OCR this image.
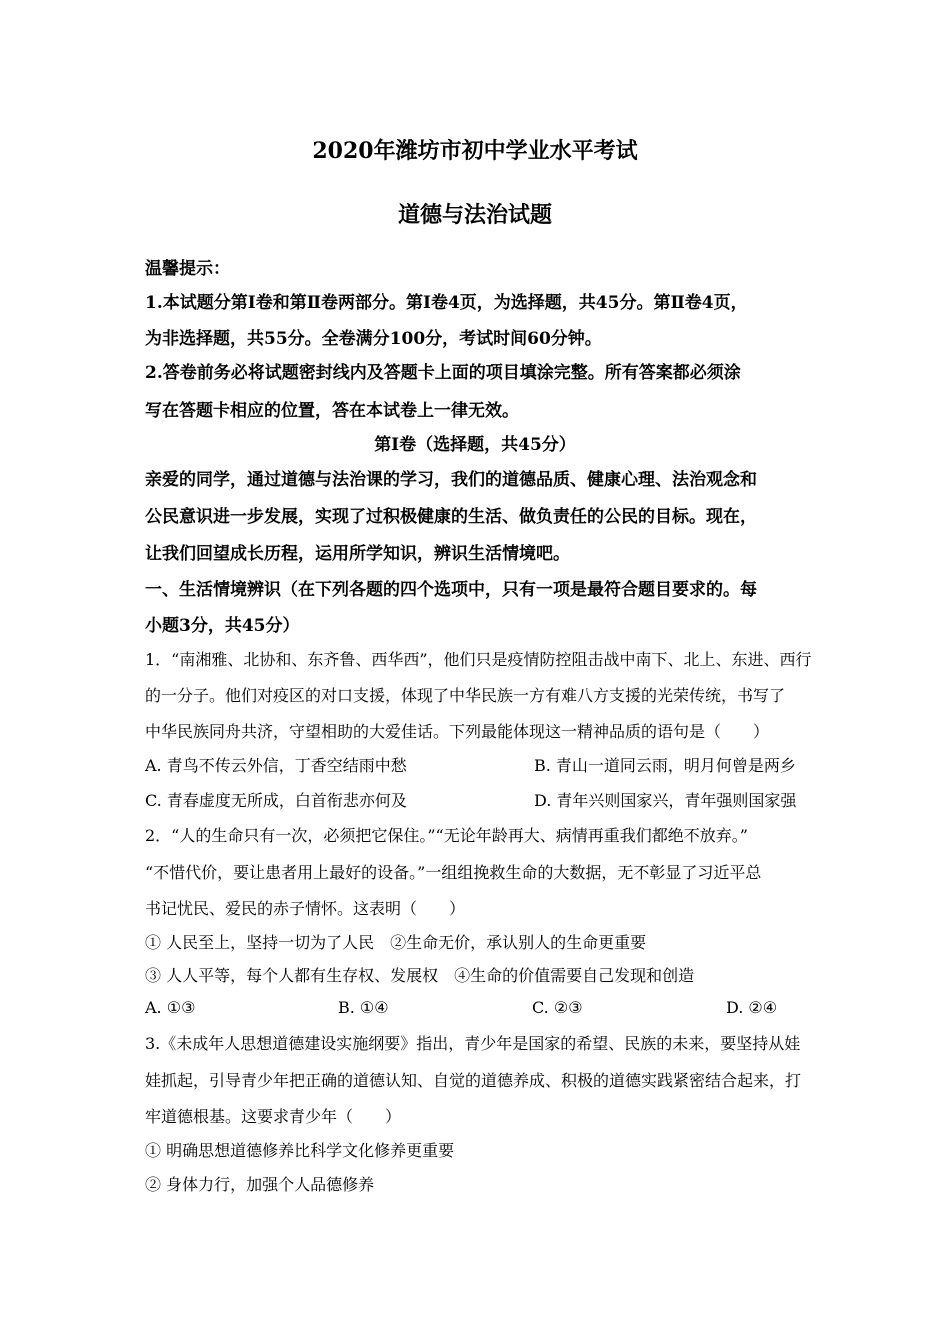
2020年潍坊市初中学业水平考试
道德与法治试题
温馨提示：
1.本试题分第Ⅰ卷和第Ⅱ卷两部分。第Ⅰ卷4页，为选择题，共45分。第Ⅱ卷4页，
为非选择题，共55分。全卷满分100分，考试时间60分钟。
2.答卷前务必将试题密封线内及答题卡上面的项目填涂完整。所有答案都必须涂
写在答题卡相应的位置，答在本试卷上一律无效。
第Ⅰ卷（选择题，共45分）
亲爱的同学，通过道德与法治课的学习，我们的道德品质、健康心理、法治观念和
公民意识进一步发展，实现了过积极健康的生活、做负责任的公民的目标。现在，
让我们回望成长历程，运用所学知识，辨识生活情境吧。
一、生活情境辨识（在下列各题的四个选项中，只有一项是最符合题目要求的。每
小题3分，共45分）
1．“南湘雅、北协和、东齐鲁、西华西”，他们只是疫情防控阻击战中南下、北上、东进、西行
的一分子。他们对疫区的对口支援，体现了中华民族一方有难八方支援的光荣传统，书写了
中华民族同舟共济，守望相助的大爱佳话。下列最能体现这一精神品质的语句是（　　）
A. 青鸟不传云外信，丁香空结雨中愁	B. 青山一道同云雨，明月何曾是两乡
C. 青春虚度无所成，白首衔悲亦何及	D. 青年兴则国家兴，青年强则国家强
2．“人的生命只有一次，必须把它保住。”“无论年龄再大、病情再重我们都绝不放弃。”
“不惜代价，要让患者用上最好的设备。”一组组挽救生命的大数据，无不彰显了习近平总
书记忧民、爱民的赤子情怀。这表明（　　）
① 人民至上，坚持一切为了人民　②生命无价，承认别人的生命更重要
③ 人人平等，每个人都有生存权、发展权　④生命的价值需要自己发现和创造
A. ①③	B. ①④	C. ②③	D. ②④
3.《未成年人思想道德建设实施纲要》指出，青少年是国家的希望、民族的未来，要坚持从娃
娃抓起，引导青少年把正确的道德认知、自觉的道德养成、积极的道德实践紧密结合起来，打
牢道德根基。这要求青少年（　　）
① 明确思想道德修养比科学文化修养更重要
② 身体力行，加强个人品德修养
